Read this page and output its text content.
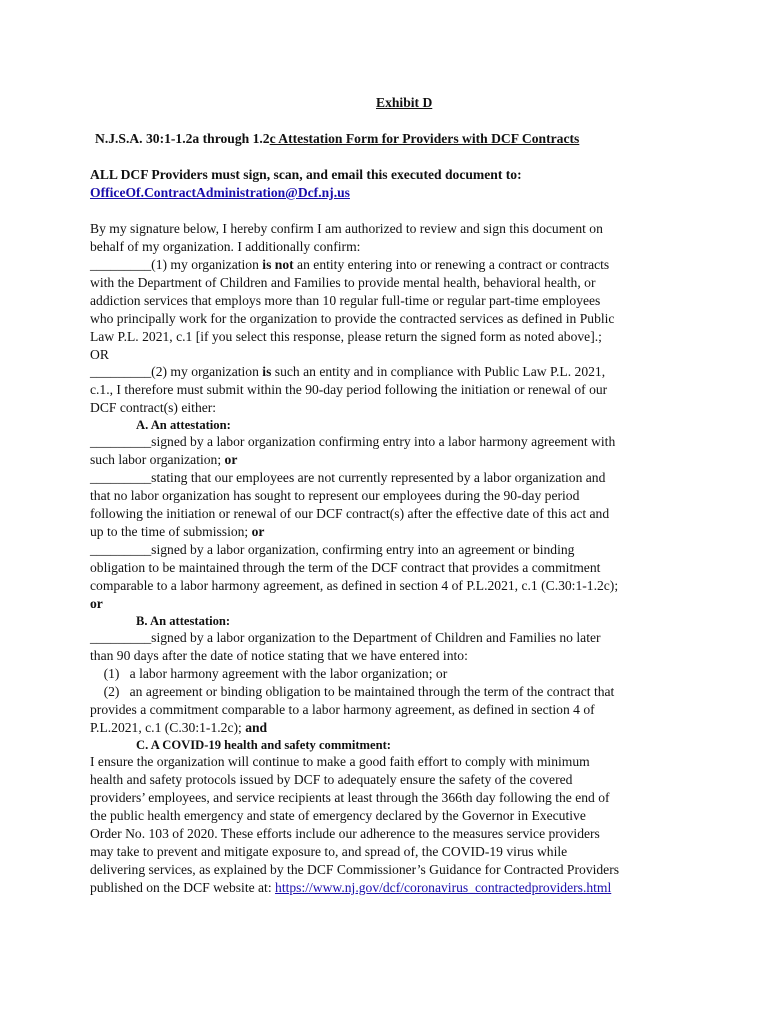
Exhibit D
N.J.S.A. 30:1-1.2a through 1.2c Attestation Form for Providers with DCF Contracts
ALL DCF Providers must sign, scan, and email this executed document to:
OfficeOf.ContractAdministration@Dcf.nj.us
By my signature below, I hereby confirm I am authorized to review and sign this document on
behalf of my organization. I additionally confirm:
_________(1) my organization is not an entity entering into or renewing a contract or contracts
with the Department of Children and Families to provide mental health, behavioral health, or
addiction services that employs more than 10 regular full-time or regular part-time employees
who principally work for the organization to provide the contracted services as defined in Public
Law P.L. 2021, c.1 [if you select this response, please return the signed form as noted above].;
OR
_________(2) my organization is such an entity and in compliance with Public Law P.L. 2021,
c.1., I therefore must submit within the 90-day period following the initiation or renewal of our
DCF contract(s) either:
A. An attestation:
_________signed by a labor organization confirming entry into a labor harmony agreement with
such labor organization; or
_________stating that our employees are not currently represented by a labor organization and
that no labor organization has sought to represent our employees during the 90-day period
following the initiation or renewal of our DCF contract(s) after the effective date of this act and
up to the time of submission; or
_________signed by a labor organization, confirming entry into an agreement or binding
obligation to be maintained through the term of the DCF contract that provides a commitment
comparable to a labor harmony agreement, as defined in section 4 of P.L.2021, c.1 (C.30:1-1.2c);
or
B. An attestation:
_________signed by a labor organization to the Department of Children and Families no later
than 90 days after the date of notice stating that we have entered into:
(1)   a labor harmony agreement with the labor organization; or
(2)   an agreement or binding obligation to be maintained through the term of the contract that
provides a commitment comparable to a labor harmony agreement, as defined in section 4 of
P.L.2021, c.1 (C.30:1-1.2c); and
C. A COVID-19 health and safety commitment:
I ensure the organization will continue to make a good faith effort to comply with minimum
health and safety protocols issued by DCF to adequately ensure the safety of the covered
providers’ employees, and service recipients at least through the 366th day following the end of
the public health emergency and state of emergency declared by the Governor in Executive
Order No. 103 of 2020. These efforts include our adherence to the measures service providers
may take to prevent and mitigate exposure to, and spread of, the COVID-19 virus while
delivering services, as explained by the DCF Commissioner’s Guidance for Contracted Providers
published on the DCF website at: https://www.nj.gov/dcf/coronavirus_contractedproviders.html
